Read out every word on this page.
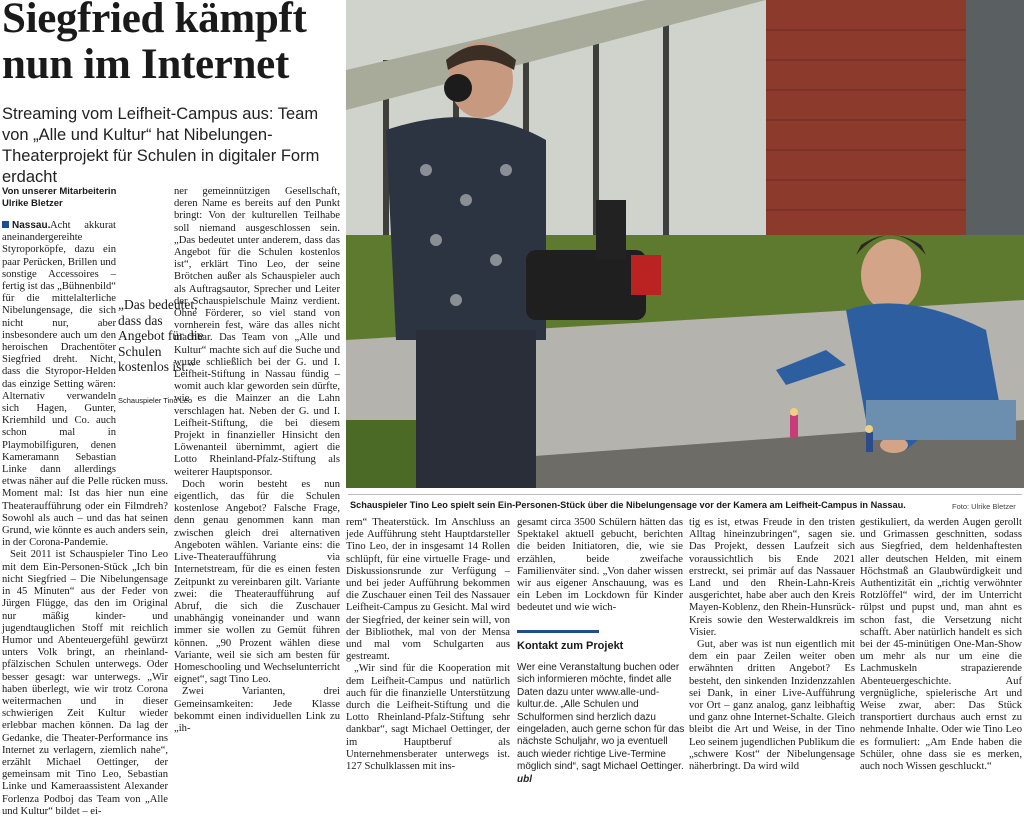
Siegfried kämpft nun im Internet

Streaming vom Leifheit-Campus aus: Team von „Alle und Kultur“ hat Nibelungen-Theaterprojekt für Schulen in digitaler Form erdacht

Von unserer Mitarbeiterin
Ulrike Bletzer

Nassau. Acht akkurat aneinandergereihte Styroporköpfe, dazu ein paar Perücken, Brillen und sonstige Accessoires – fertig ist das „Bühnenbild“ für die mittelalterliche Nibelungensage, die sich nicht nur, aber insbesondere auch um den heroischen Drachentöter Siegfried dreht. Nicht, dass die Styropor-Helden das einzige Setting wären: Alternativ verwandeln sich Hagen, Gunter, Kriemhild und Co. auch schon mal in Playmobilfiguren, denen Kameramann Sebastian Linke dann allerdings etwas näher auf die Pelle rücken muss. Moment mal: Ist das hier nun eine Theateraufführung oder ein Filmdreh? Sowohl als auch – und das hat seinen Grund, wie könnte es auch anders sein, in der Corona-Pandemie.

Seit 2011 ist Schauspieler Tino Leo mit dem Ein-Personen-Stück „Ich bin nicht Siegfried – Die Nibelungensage in 45 Minuten“ aus der Feder von Jürgen Flügge, das den im Original nur mäßig kinder- und jugendtauglichen Stoff mit reichlich Humor und Abenteuergefühl gewürzt unters Volk bringt, an rheinland-pfälzischen Schulen unterwegs. Oder besser gesagt: war unterwegs. „Wir haben überlegt, wie wir trotz Corona weitermachen und in dieser schwierigen Zeit Kultur wieder erlebbar machen können. Da lag der Gedanke, die Theater-Performance ins Internet zu verlagern, ziemlich nahe“, erzählt Michael Oettinger, der gemeinsam mit Tino Leo, Sebastian Linke und Kameraassistent Alexander Forlenza Podboj das Team von „Alle und Kultur“ bildet – ei-

„Das bedeutet, dass das Angebot für die Schulen kostenlos ist.“
Schauspieler Tino Leo

ner gemeinnützigen Gesellschaft, deren Name es bereits auf den Punkt bringt: Von der kulturellen Teilhabe soll niemand ausgeschlossen sein. „Das bedeutet unter anderem, dass das Angebot für die Schulen kostenlos ist“, erklärt Tino Leo, der seine Brötchen außer als Schauspieler auch als Auftragsautor, Sprecher und Leiter der Schauspielschule Mainz verdient. Ohne Förderer, so viel stand von vornherein fest, wäre das alles nicht machbar. Das Team von „Alle und Kultur“ machte sich auf die Suche und wurde schließlich bei der G. und I. Leifheit-Stiftung in Nassau fündig – womit auch klar geworden sein dürfte, wie es die Mainzer an die Lahn verschlagen hat. Neben der G. und I. Leifheit-Stiftung, die bei diesem Projekt in finanzieller Hinsicht den Löwenanteil übernimmt, agiert die Lotto Rheinland-Pfalz-Stiftung als weiterer Hauptsponsor.

Doch worin besteht es nun eigentlich, das für die Schulen kostenlose Angebot? Falsche Frage, denn genau genommen kann man zwischen gleich drei alternativen Angeboten wählen. Variante eins: die Live-Theateraufführung via Internetstream, für die es einen festen Zeitpunkt zu vereinbaren gilt. Variante zwei: die Theateraufführung auf Abruf, die sich die Zuschauer unabhängig voneinander und wann immer sie wollen zu Gemüt führen können. „90 Prozent wählen diese Variante, weil sie sich am besten für Homeschooling und Wechselunterricht eignet“, sagt Tino Leo.

Zwei Varianten, drei Gemeinsamkeiten: Jede Klasse bekommt einen individuellen Link zu „ih-

Schauspieler Tino Leo spielt sein Ein-Personen-Stück über die Nibelungensage vor der Kamera am Leifheit-Campus in Nassau.	Foto: Ulrike Bletzer

rem“ Theaterstück. Im Anschluss an jede Aufführung steht Hauptdarsteller Tino Leo, der in insgesamt 14 Rollen schlüpft, für eine virtuelle Frage- und Diskussionsrunde zur Verfügung – und bei jeder Aufführung bekommen die Zuschauer einen Teil des Nassauer Leifheit-Campus zu Gesicht. Mal wird der Siegfried, der keiner sein will, von der Bibliothek, mal von der Mensa und mal vom Schulgarten aus gestreamt.

„Wir sind für die Kooperation mit dem Leifheit-Campus und natürlich auch für die finanzielle Unterstützung durch die Leifheit-Stiftung und die Lotto Rheinland-Pfalz-Stiftung sehr dankbar“, sagt Michael Oettinger, der im Hauptberuf als Unternehmensberater unterwegs ist. 127 Schulklassen mit ins-

gesamt circa 3500 Schülern hätten das Spektakel aktuell gebucht, berichten die beiden Initiatoren, die, wie sie erzählen, beide zweifache Familienväter sind. „Von daher wissen wir aus eigener Anschauung, was es ein Leben im Lockdown für Kinder bedeutet und wie wich-

Kontakt zum Projekt

Wer eine Veranstaltung buchen oder sich informieren möchte, findet alle Daten dazu unter www.alle-und-kultur.de. „Alle Schulen und Schulformen sind herzlich dazu eingeladen, auch gerne schon für das nächste Schuljahr, wo ja eventuell auch wieder richtige Live-Termine möglich sind“, sagt Michael Oettinger. ubl

tig es ist, etwas Freude in den tristen Alltag hineinzubringen“, sagen sie. Das Projekt, dessen Laufzeit sich voraussichtlich bis Ende 2021 erstreckt, sei primär auf das Nassauer Land und den Rhein-Lahn-Kreis ausgerichtet, habe aber auch den Kreis Mayen-Koblenz, den Rhein-Hunsrück-Kreis sowie den Westerwaldkreis im Visier.

Gut, aber was ist nun eigentlich mit dem ein paar Zeilen weiter oben erwähnten dritten Angebot? Es besteht, den sinkenden Inzidenzzahlen sei Dank, in einer Live-Aufführung vor Ort – ganz analog, ganz leibhaftig und ganz ohne Internet-Schalte. Gleich bleibt die Art und Weise, in der Tino Leo seinem jugendlichen Publikum die „schwere Kost“ der Nibelungensage näherbringt. Da wird wild

gestikuliert, da werden Augen gerollt und Grimassen geschnitten, sodass aus Siegfried, dem heldenhaftesten aller deutschen Helden, mit einem Höchstmaß an Glaubwürdigkeit und Authentizität ein „richtig verwöhnter Rotzlöffel“ wird, der im Unterricht rülpst und pupst und, man ahnt es schon fast, die Versetzung nicht schafft. Aber natürlich handelt es sich bei der 45-minütigen One-Man-Show um mehr als nur um eine die Lachmuskeln strapazierende Abenteuergeschichte. Auf vergnügliche, spielerische Art und Weise zwar, aber: Das Stück transportiert durchaus auch ernst zu nehmende Inhalte. Oder wie Tino Leo es formuliert: „Am Ende haben die Schüler, ohne dass sie es merken, auch noch Wissen geschluckt.“
